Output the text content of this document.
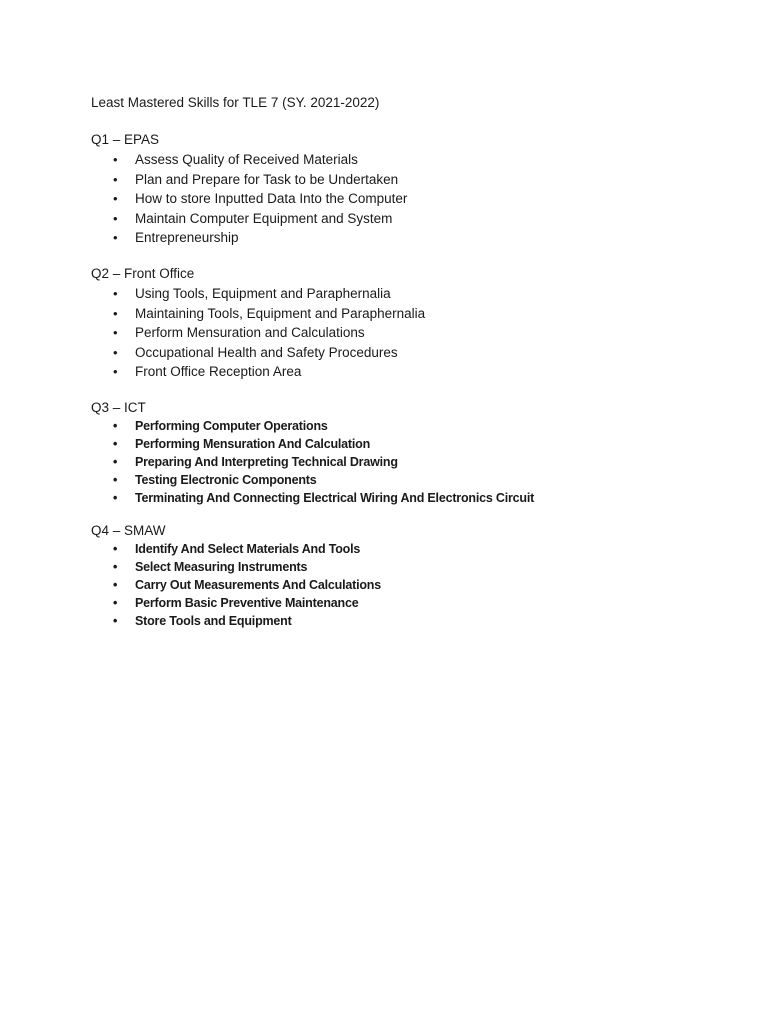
Least Mastered Skills for TLE 7 (SY. 2021-2022)

Q1 – EPAS

• Assess Quality of Received Materials
• Plan and Prepare for Task to be Undertaken
• How to store Inputted Data Into the Computer
• Maintain Computer Equipment and System
• Entrepreneurship

Q2 – Front Office

• Using Tools, Equipment and Paraphernalia
• Maintaining Tools, Equipment and Paraphernalia
• Perform Mensuration and Calculations
• Occupational Health and Safety Procedures
• Front Office Reception Area

Q3 – ICT

• Performing Computer Operations
• Performing Mensuration And Calculation
• Preparing And Interpreting Technical Drawing
• Testing Electronic Components
• Terminating And Connecting Electrical Wiring And Electronics Circuit

Q4 – SMAW

• Identify And Select Materials And Tools
• Select Measuring Instruments
• Carry Out Measurements And Calculations
• Perform Basic Preventive Maintenance
• Store Tools and Equipment
